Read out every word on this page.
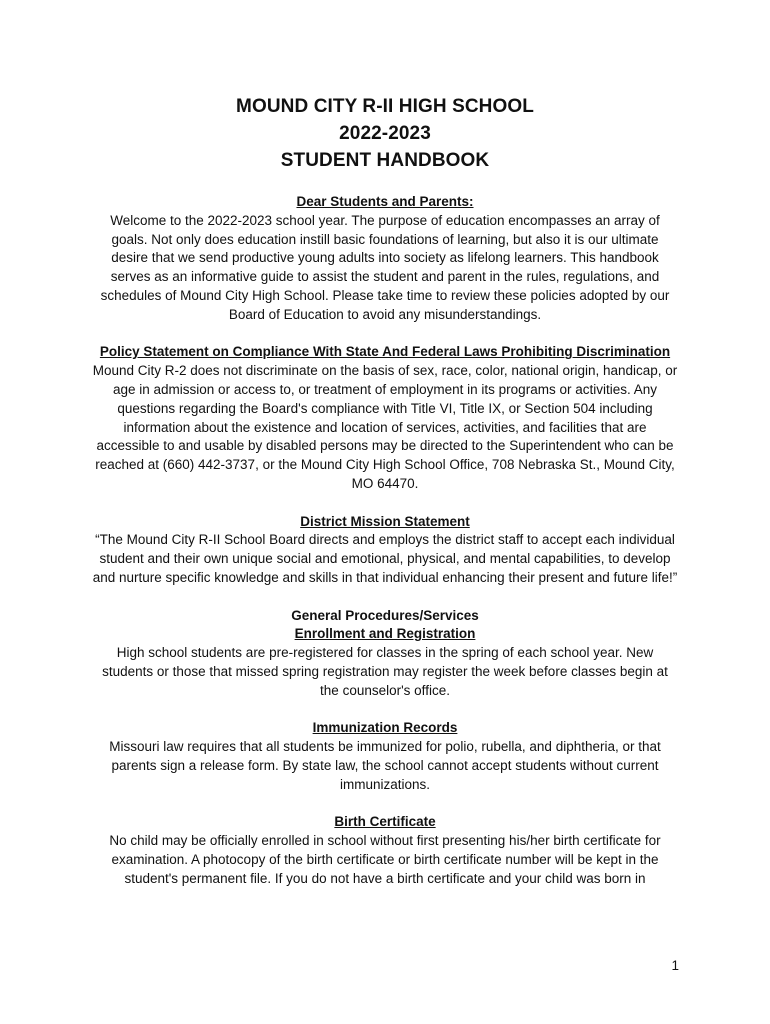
MOUND CITY R-II HIGH SCHOOL
2022-2023
STUDENT HANDBOOK
Dear Students and Parents:

Welcome to the 2022-2023 school year. The purpose of education encompasses an array of goals. Not only does education instill basic foundations of learning, but also it is our ultimate desire that we send productive young adults into society as lifelong learners. This handbook serves as an informative guide to assist the student and parent in the rules, regulations, and schedules of Mound City High School. Please take time to review these policies adopted by our Board of Education to avoid any misunderstandings.

Policy Statement on Compliance With State And Federal Laws Prohibiting Discrimination

Mound City R-2 does not discriminate on the basis of sex, race, color, national origin, handicap, or age in admission or access to, or treatment of employment in its programs or activities. Any questions regarding the Board's compliance with Title VI, Title IX, or Section 504 including information about the existence and location of services, activities, and facilities that are accessible to and usable by disabled persons may be directed to the Superintendent who can be reached at (660) 442-3737, or the Mound City High School Office, 708 Nebraska St., Mound City, MO 64470.

District Mission Statement

“The Mound City R-II School Board directs and employs the district staff to accept each individual student and their own unique social and emotional, physical, and mental capabilities, to develop and nurture specific knowledge and skills in that individual enhancing their present and future life!”

General Procedures/Services
Enrollment and Registration

High school students are pre-registered for classes in the spring of each school year. New students or those that missed spring registration may register the week before classes begin at the counselor's office.

Immunization Records

Missouri law requires that all students be immunized for polio, rubella, and diphtheria, or that parents sign a release form. By state law, the school cannot accept students without current immunizations.

Birth Certificate

No child may be officially enrolled in school without first presenting his/her birth certificate for examination. A photocopy of the birth certificate or birth certificate number will be kept in the student's permanent file. If you do not have a birth certificate and your child was born in

1
